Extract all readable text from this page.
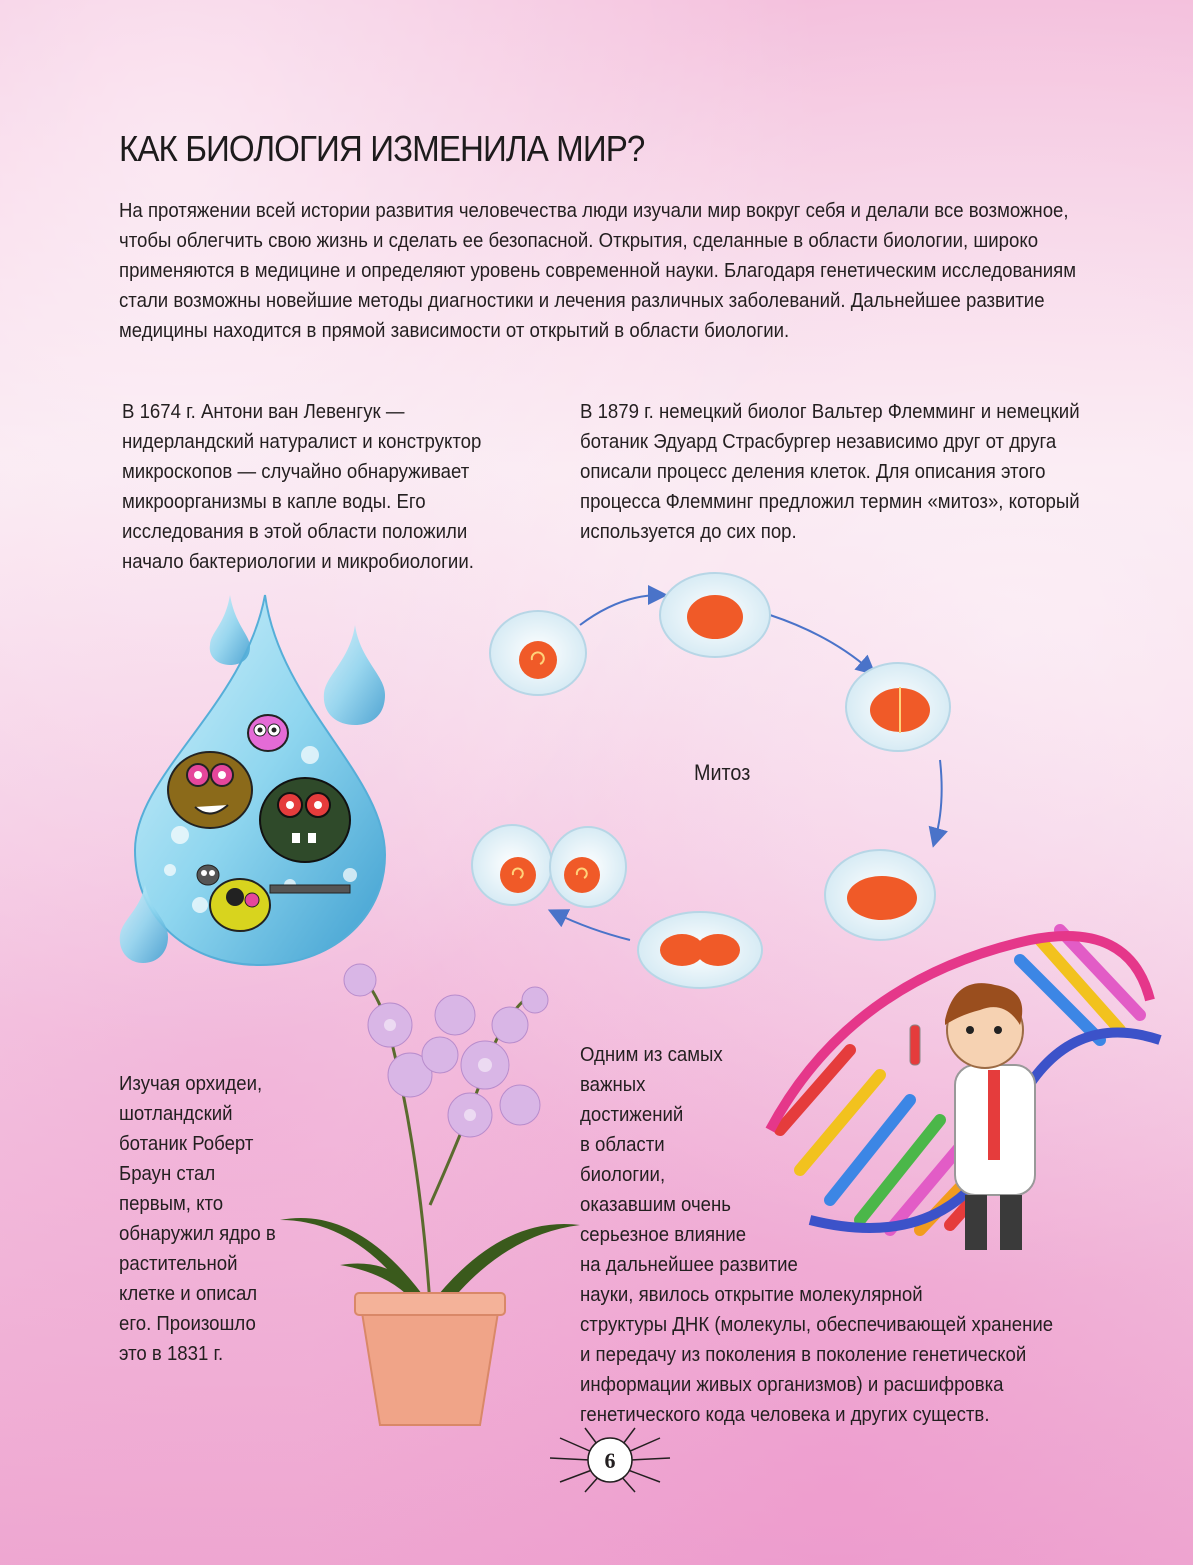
КАК БИОЛОГИЯ ИЗМЕНИЛА МИР?
На протяжении всей истории развития человечества люди изучали мир вокруг себя и делали все возможное, чтобы облегчить свою жизнь и сделать ее безопасной. Открытия, сделанные в области биологии, широко применяются в медицине и определяют уровень современной науки. Благодаря генетическим исследованиям стали возможны новейшие методы диагностики и лечения различных заболеваний. Дальнейшее развитие медицины находится в прямой зависимости от открытий в области биологии.
В 1674 г. Антони ван Левенгук — нидерландский натуралист и конструктор микроскопов — случайно обнаруживает микроорганизмы в капле воды. Его исследования в этой области положили начало бактериологии и микробиологии.
В 1879 г. немецкий биолог Вальтер Флемминг и немецкий ботаник Эдуард Страсбургер независимо друг от друга описали процесс деления клеток. Для описания этого процесса Флемминг предложил термин «митоз», который используется до сих пор.
Митоз
Изучая орхидеи, шотландский ботаник Роберт Браун стал первым, кто обнаружил ядро в растительной клетке и описал его. Произошло это в 1831 г.
Одним из самых
важных
достижений
в области
биологии,
оказавшим очень
серьезное влияние
на дальнейшее развитие
науки, явилось открытие молекулярной
структуры ДНК (молекулы, обеспечивающей хранение
и передачу из поколения в поколение генетической
информации живых организмов) и расшифровка
генетического кода человека и других существ.
6
